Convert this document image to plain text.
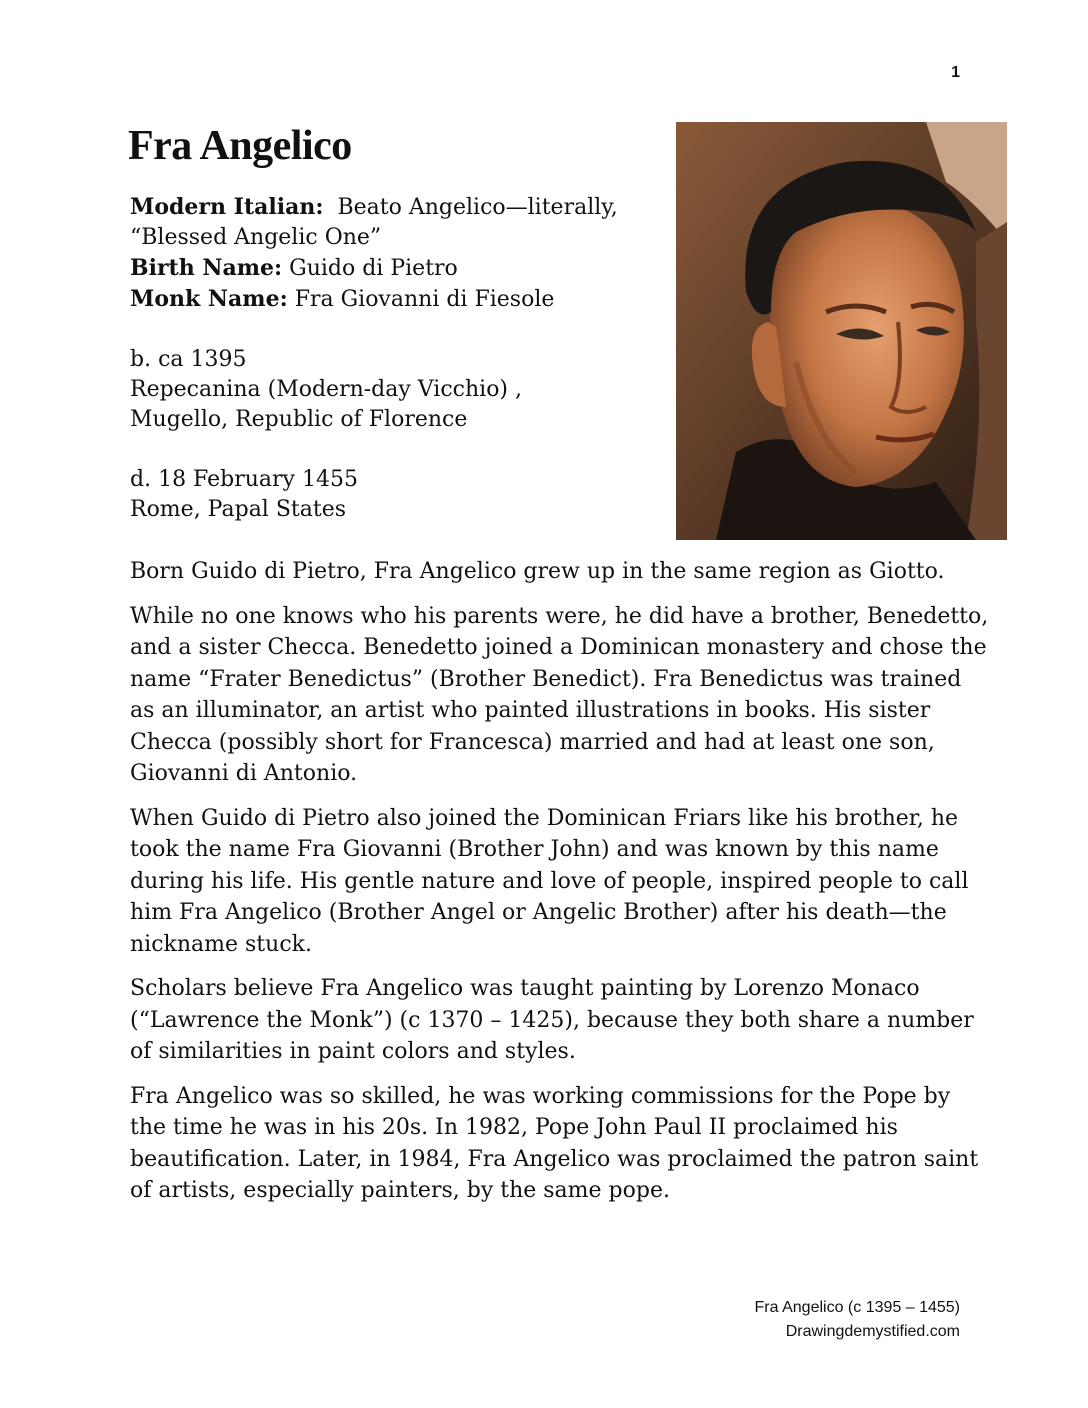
1
Fra Angelico

Modern Italian: Beato Angelico—literally,

“Blessed Angelic One”

Birth Name: Guido di Pietro

Monk Name: Fra Giovanni di Fiesole

b. ca 1395

Repecanina (Modern-day Vicchio) ,

Mugello, Republic of Florence

d. 18 February 1455

Rome, Papal States

Born Guido di Pietro, Fra Angelico grew up in the same region as Giotto.

While no one knows who his parents were, he did have a brother, Benedetto, and a sister Checca. Benedetto joined a Dominican monastery and chose the name “Frater Benedictus” (Brother Benedict). Fra Benedictus was trained as an illuminator, an artist who painted illustrations in books. His sister Checca (possibly short for Francesca) married and had at least one son, Giovanni di Antonio.

When Guido di Pietro also joined the Dominican Friars like his brother, he took the name Fra Giovanni (Brother John) and was known by this name during his life. His gentle nature and love of people, inspired people to call him Fra Angelico (Brother Angel or Angelic Brother) after his death—the nickname stuck.

Scholars believe Fra Angelico was taught painting by Lorenzo Monaco (“Lawrence the Monk”) (c 1370 – 1425), because they both share a number of similarities in paint colors and styles.

Fra Angelico was so skilled, he was working commissions for the Pope by the time he was in his 20s. In 1982, Pope John Paul II proclaimed his beautification. Later, in 1984, Fra Angelico was proclaimed the patron saint of artists, especially painters, by the same pope.

Fra Angelico (c 1395 – 1455)
Drawingdemystified.com
